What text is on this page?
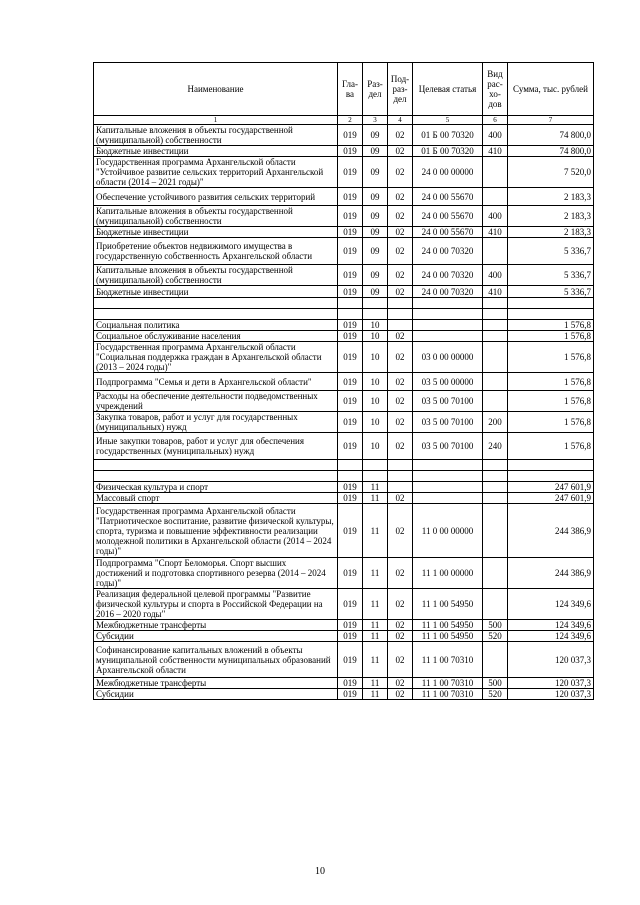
Наименование	Гла-ва	Раз-дел	Под-раз-дел	Целевая статья	Вид рас-хо-дов	Сумма, тыс. рублей
1	2	3	4	5	6	7
Капитальные вложения в объекты государственной (муниципальной) собственности	019	09	02	01 Б 00 70320	400	74 800,0
Бюджетные инвестиции	019	09	02	01 Б 00 70320	410	74 800,0
Государственная программа Архангельской области "Устойчивое развитие сельских территорий Архангельской области (2014 – 2021 годы)"	019	09	02	24 0 00 00000		7 520,0
Обеспечение устойчивого развития сельских территорий	019	09	02	24 0 00 55670		2 183,3
Капитальные вложения в объекты государственной (муниципальной) собственности	019	09	02	24 0 00 55670	400	2 183,3
Бюджетные инвестиции	019	09	02	24 0 00 55670	410	2 183,3
Приобретение объектов недвижимого имущества в государственную собственность Архангельской области	019	09	02	24 0 00 70320		5 336,7
Капитальные вложения в объекты государственной (муниципальной) собственности	019	09	02	24 0 00 70320	400	5 336,7
Бюджетные инвестиции	019	09	02	24 0 00 70320	410	5 336,7

Социальная политика	019	10				1 576,8
Социальное обслуживание населения	019	10	02			1 576,8
Государственная программа Архангельской области "Социальная поддержка граждан в Архангельской области (2013 – 2024 годы)"	019	10	02	03 0 00 00000		1 576,8
Подпрограмма "Семья и дети в Архангельской области"	019	10	02	03 5 00 00000		1 576,8
Расходы на обеспечение деятельности подведомственных учреждений	019	10	02	03 5 00 70100		1 576,8
Закупка товаров, работ и услуг для государственных (муниципальных) нужд	019	10	02	03 5 00 70100	200	1 576,8
Иные закупки товаров, работ и услуг для обеспечения государственных (муниципальных) нужд	019	10	02	03 5 00 70100	240	1 576,8

Физическая культура и спорт	019	11				247 601,9
Массовый спорт	019	11	02			247 601,9
Государственная программа Архангельской области "Патриотическое воспитание, развитие физической культуры, спорта, туризма и повышение эффективности реализации молодежной политики в Архангельской области (2014 – 2024 годы)"	019	11	02	11 0 00 00000		244 386,9
Подпрограмма "Спорт Беломорья. Спорт высших достижений и подготовка спортивного резерва (2014 – 2024 годы)"	019	11	02	11 1 00 00000		244 386,9
Реализация федеральной целевой программы "Развитие физической культуры и спорта в Российской Федерации на 2016 – 2020 годы"	019	11	02	11 1 00 54950		124 349,6
Межбюджетные трансферты	019	11	02	11 1 00 54950	500	124 349,6
Субсидии	019	11	02	11 1 00 54950	520	124 349,6
Софинансирование капитальных вложений в объекты муниципальной собственности муниципальных образований Архангельской области	019	11	02	11 1 00 70310		120 037,3
Межбюджетные трансферты	019	11	02	11 1 00 70310	500	120 037,3
Субсидии	019	11	02	11 1 00 70310	520	120 037,3
10
